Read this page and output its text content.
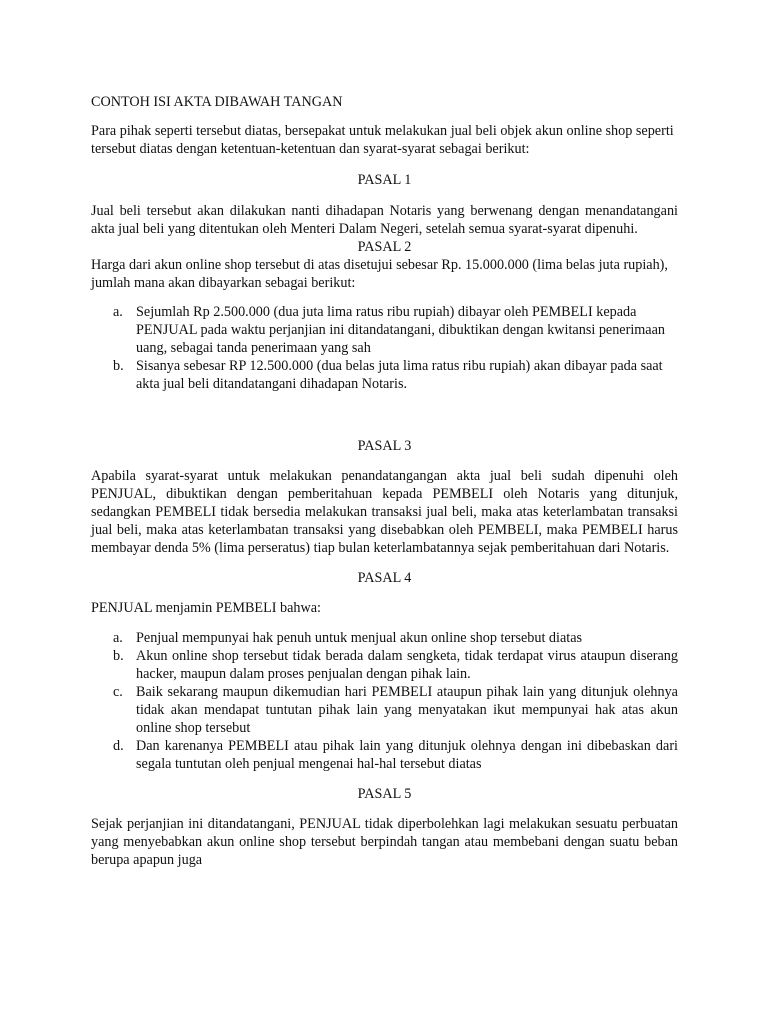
CONTOH ISI AKTA DIBAWAH TANGAN

Para pihak seperti tersebut diatas, bersepakat untuk melakukan jual beli objek akun online shop seperti tersebut diatas dengan ketentuan-ketentuan dan syarat-syarat sebagai berikut:

PASAL 1

Jual beli tersebut akan dilakukan nanti dihadapan Notaris yang berwenang dengan menandatangani akta jual beli yang ditentukan oleh Menteri Dalam Negeri, setelah semua syarat-syarat dipenuhi.

PASAL 2

Harga dari akun online shop tersebut di atas disetujui sebesar Rp. 15.000.000 (lima belas juta rupiah), jumlah mana akan dibayarkan sebagai berikut:

a. Sejumlah Rp 2.500.000 (dua juta lima ratus ribu rupiah) dibayar oleh PEMBELI kepada PENJUAL pada waktu perjanjian ini ditandatangani, dibuktikan dengan kwitansi penerimaan uang, sebagai tanda penerimaan yang sah
b. Sisanya sebesar RP 12.500.000 (dua belas juta lima ratus ribu rupiah) akan dibayar pada saat akta jual beli ditandatangani dihadapan Notaris.
PASAL 3

Apabila syarat-syarat untuk melakukan penandatangangan akta jual beli sudah dipenuhi oleh PENJUAL, dibuktikan dengan pemberitahuan kepada PEMBELI oleh Notaris yang ditunjuk, sedangkan PEMBELI tidak bersedia melakukan transaksi jual beli, maka atas keterlambatan transaksi jual beli, maka atas keterlambatan transaksi yang disebabkan oleh PEMBELI, maka PEMBELI harus membayar denda 5% (lima perseratus) tiap bulan keterlambatannya sejak pemberitahuan dari Notaris.

PASAL 4

PENJUAL menjamin PEMBELI bahwa:

a. Penjual mempunyai hak penuh untuk menjual akun online shop tersebut diatas
b. Akun online shop tersebut tidak berada dalam sengketa, tidak terdapat virus ataupun diserang hacker, maupun dalam proses penjualan dengan pihak lain.
c. Baik sekarang maupun dikemudian hari PEMBELI ataupun pihak lain yang ditunjuk olehnya tidak akan mendapat tuntutan pihak lain yang menyatakan ikut mempunyai hak atas akun online shop tersebut
d. Dan karenanya PEMBELI atau pihak lain yang ditunjuk olehnya dengan ini dibebaskan dari segala tuntutan oleh penjual mengenai hal-hal tersebut diatas
PASAL 5

Sejak perjanjian ini ditandatangani, PENJUAL tidak diperbolehkan lagi melakukan sesuatu perbuatan yang menyebabkan akun online shop tersebut berpindah tangan atau membebani dengan suatu beban berupa apapun juga
